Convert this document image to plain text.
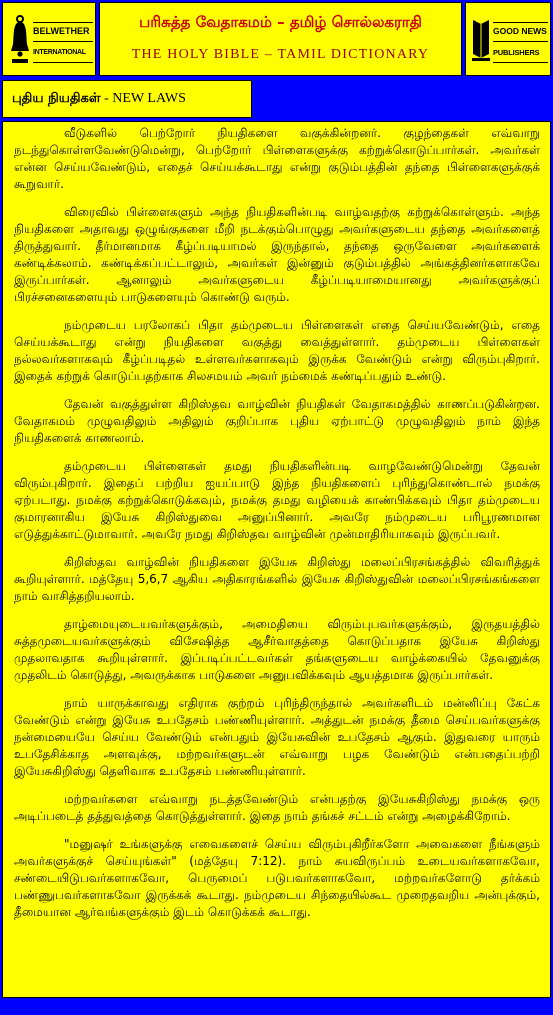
BELWETHER
INTERNATIONAL
பரிசுத்த வேதாகமம் – தமிழ் சொல்லகராதி
THE HOLY BIBLE – TAMIL DICTIONARY
GOOD NEWS
PUBLISHERS
புதிய நியதிகள் - NEW LAWS

வீடுகளில் பெற்றோர் நியதிகளை வகுக்கின்றனர். குழந்தைகள் எவ்வாறு நடந்துகொள்ளவேண்டுமென்று, பெற்றோர் பிள்ளைகளுக்கு கற்றுக்கொடுப்பார்கள். அவர்கள் என்ன செய்யவேண்டும், எதைச் செய்யக்கூடாது என்று குடும்பத்தின் தந்தை பிள்ளைகளுக்குக் கூறுவார்.

விரைவில் பிள்ளைகளும் அந்த நியதிகளின்படி வாழ்வதற்கு கற்றுக்கொள்ளும். அந்த நியதிகளை அதாவது ஒழுங்குகளை மீறி நடக்கும்பொழுது அவர்களுடைய தந்தை அவர்களைத் திருத்துவார். தீர்மானமாக கீழ்ப்படியாமல் இருந்தால், தந்தை ஒருவேளை அவர்களைக் கண்டிக்கலாம். கண்டிக்கப்பட்டாலும், அவர்கள் இன்னும் குடும்பத்தில் அங்கத்தினர்களாகவே இருப்பார்கள். ஆனாலும் அவர்களுடைய கீழ்ப்படியாமையானது அவர்களுக்குப் பிரச்சனைகளையும் பாடுகளையும் கொண்டு வரும்.

நம்முடைய பரலோகப் பிதா தம்முடைய பிள்ளைகள் எதை செய்யவேண்டும், எதை செய்யக்கூடாது என்று நியதிகளை வகுத்து வைத்துள்ளார். தம்முடைய பிள்ளைகள் நல்லவர்களாகவும் கீழ்ப்படிதல் உள்ளவர்களாகவும் இருக்க வேண்டும் என்று விரும்புகிறார். இதைக் கற்றுக் கொடுப்பதற்காக சிலசமயம் அவர் நம்மைக் கண்டிப்பதும் உண்டு.

தேவன் வகுத்துள்ள கிறிஸ்தவ வாழ்வின் நியதிகள் வேதாகமத்தில் காணப்படுகின்றன. வேதாகமம் முழுவதிலும் அதிலும் குறிப்பாக புதிய ஏற்பாட்டு முழுவதிலும் நாம் இந்த நியதிகளைக் காணலாம்.

தம்முடைய பிள்ளைகள் தமது நியதிகளின்படி வாழவேண்டுமென்று தேவன் விரும்புகிறார். இதைப் பற்றிய ஐயப்பாடு இந்த நியதிகளைப் புரிந்துகொண்டால் நமக்கு ஏற்படாது. நமக்கு கற்றுக்கொடுக்கவும், நமக்கு தமது வழியைக் காண்பிக்கவும் பிதா தம்முடைய குமாரனாகிய இயேசு கிறிஸ்துவை அனுப்பினார். அவரே நம்முடைய பரிபூரணமான எடுத்துக்காட்டுமாவார். அவரே நமது கிறிஸ்தவ வாழ்வின் முன்மாதிரியாகவும் இருப்பவர்.

கிறிஸ்தவ வாழ்வின் நியதிகளை இயேசு கிறிஸ்து மலைப்பிரசங்கத்தில் விவரித்துக் கூறியுள்ளார். மத்தேயு 5,6,7 ஆகிய அதிகாரங்களில் இயேசு கிறிஸ்துவின் மலைப்பிரசங்கங்களை நாம் வாசித்தறியலாம்.

தாழ்மையுடையவர்களுக்கும், அமைதியை விரும்புபவர்களுக்கும், இருதயத்தில் சுத்தமுடையவர்களுக்கும் விசேஷித்த ஆசீர்வாதத்தை கொடுப்பதாக இயேசு கிறிஸ்து முதலாவதாக கூறியுள்ளார். இப்படிப்பட்டவர்கள் தங்களுடைய வாழ்க்கையில் தேவனுக்கு முதலிடம் கொடுத்து, அவருக்காக பாடுகளை அனுபவிக்கவும் ஆயத்தமாக இருப்பார்கள்.

நாம் யாருக்காவது எதிராக குற்றம் புரிந்திருந்தால் அவர்களிடம் மன்னிப்பு கேட்க வேண்டும் என்று இயேசு உபதேசம் பண்ணியுள்ளார். அத்துடன் நமக்கு தீமை செய்பவர்களுக்கு நன்மையையே செய்ய வேண்டும் என்பதும் இயேசுவின் உபதேசம் ஆகும். இதுவரை யாரும் உபதேசிக்காத அளவுக்கு, மற்றவர்களுடன் எவ்வாறு பழக வேண்டும் என்பதைப்பற்றி இயேசுகிறிஸ்து தெளிவாக உபதேசம் பண்ணியுள்ளார்.

மற்றவர்களை எவ்வாறு நடத்தவேண்டும் என்பதற்கு இயேசுகிறிஸ்து நமக்கு ஒரு அடிப்படைத் தத்துவத்தை கொடுத்துள்ளார். இதை நாம் தங்கச் சட்டம் என்று அழைக்கிறோம்.

"மனுஷர் உங்களுக்கு எவைகளைச் செய்ய விரும்புகிறீர்களோ அவைகளை நீங்களும் அவர்களுக்குச் செய்யுங்கள்" (மத்தேயு 7:12). நாம் சுயவிருப்பம் உடையவர்களாகவோ, சண்டையிடுபவர்களாகவோ, பெருமைப் படுபவர்களாகவோ, மற்றவர்களோடு தர்க்கம் பண்ணுபவர்களாகவோ இருக்கக் கூடாது. நம்முடைய சிந்தையில்கூட முறைதவறிய அன்புக்கும், தீமையான ஆர்வங்களுக்கும் இடம் கொடுக்கக் கூடாது.
